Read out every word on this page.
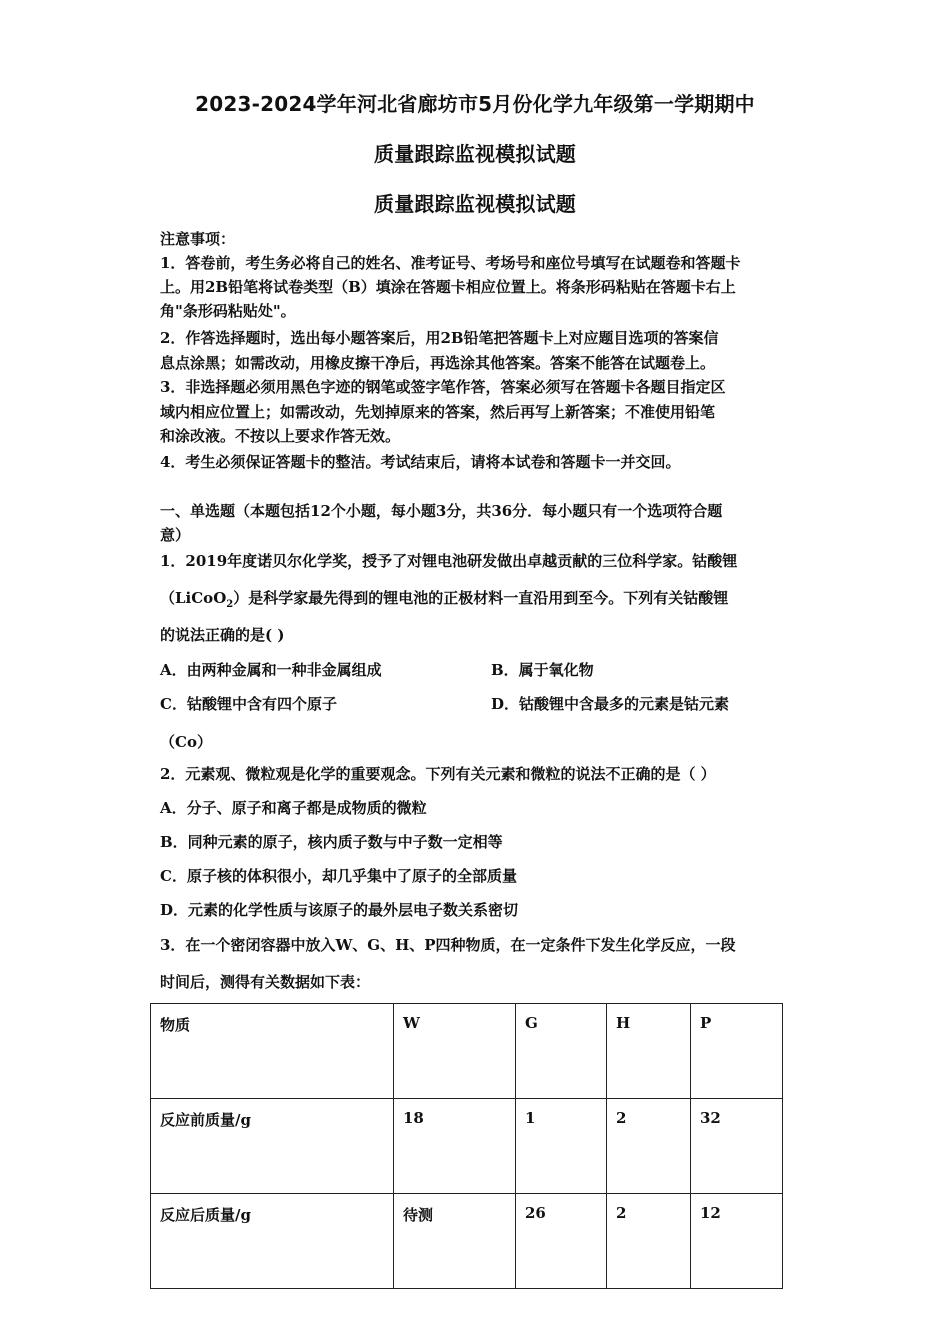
2023-2024学年河北省廊坊市5月份化学九年级第一学期期中
质量跟踪监视模拟试题
质量跟踪监视模拟试题
注意事项：
1．答卷前，考生务必将自己的姓名、准考证号、考场号和座位号填写在试题卷和答题卡
上。用2B铅笔将试卷类型（B）填涂在答题卡相应位置上。将条形码粘贴在答题卡右上
角"条形码粘贴处"。
2．作答选择题时，选出每小题答案后，用2B铅笔把答题卡上对应题目选项的答案信
息点涂黑；如需改动，用橡皮擦干净后，再选涂其他答案。答案不能答在试题卷上。
3．非选择题必须用黑色字迹的钢笔或签字笔作答，答案必须写在答题卡各题目指定区
域内相应位置上；如需改动，先划掉原来的答案，然后再写上新答案；不准使用铅笔
和涂改液。不按以上要求作答无效。
4．考生必须保证答题卡的整洁。考试结束后，请将本试卷和答题卡一并交回。
一、单选题（本题包括12个小题，每小题3分，共36分．每小题只有一个选项符合题
意）
1．2019年度诺贝尔化学奖，授予了对锂电池研发做出卓越贡献的三位科学家。钴酸锂
（LiCoO$_2$）是科学家最先得到的锂电池的正极材料一直沿用到至今。下列有关钴酸锂
的说法正确的是( )
A．由两种金属和一种非金属组成	B．属于氧化物
C．钴酸锂中含有四个原子	D．钴酸锂中含最多的元素是钴元素
（Co）
2．元素观、微粒观是化学的重要观念。下列有关元素和微粒的说法不正确的是（ ）
A．分子、原子和离子都是成物质的微粒
B．同种元素的原子，核内质子数与中子数一定相等
C．原子核的体积很小，却几乎集中了原子的全部质量
D．元素的化学性质与该原子的最外层电子数关系密切
3．在一个密闭容器中放入W、G、H、P四种物质，在一定条件下发生化学反应，一段
时间后，测得有关数据如下表：
物质	W	G	H	P
反应前质量/g	18	1	2	32
反应后质量/g	待测	26	2	12
